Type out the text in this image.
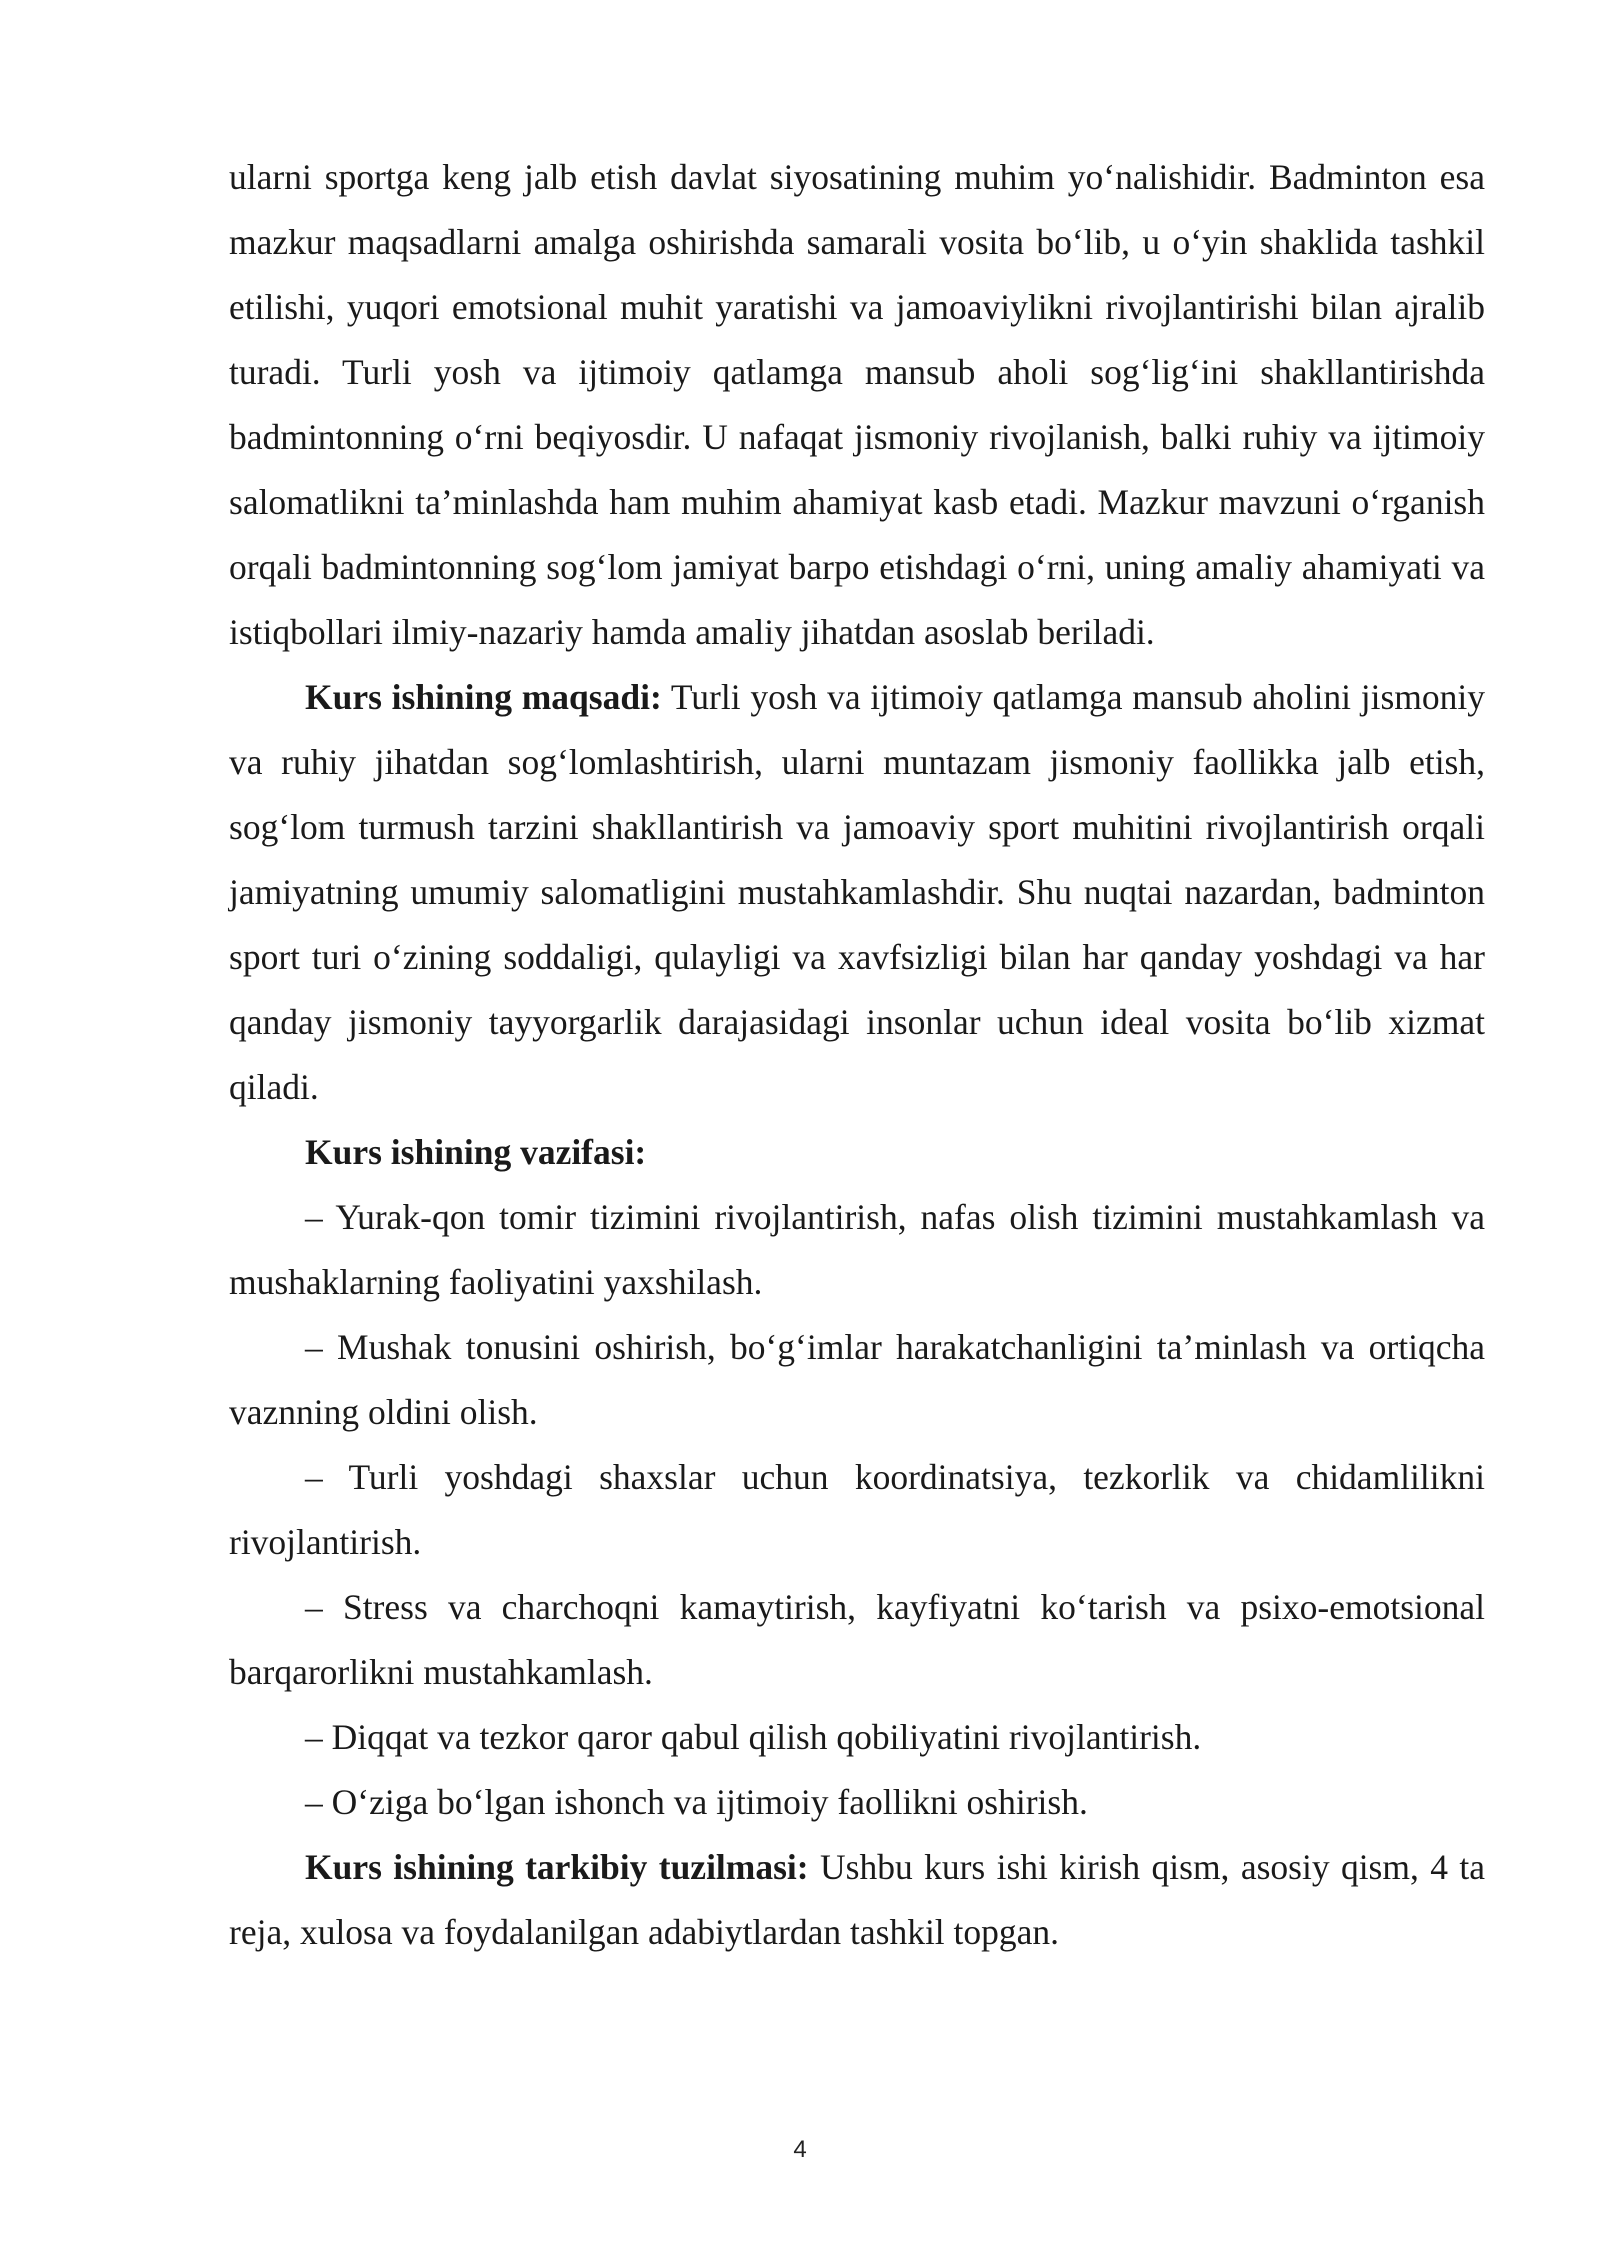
ularni sportga keng jalb etish davlat siyosatining muhim yo‘nalishidir. Badminton esa mazkur maqsadlarni amalga oshirishda samarali vosita bo‘lib, u o‘yin shaklida tashkil etilishi, yuqori emotsional muhit yaratishi va jamoaviylikni rivojlantirishi bilan ajralib turadi. Turli yosh va ijtimoiy qatlamga mansub aholi sog‘lig‘ini shakllantirishda badmintonning o‘rni beqiyosdir. U nafaqat jismoniy rivojlanish, balki ruhiy va ijtimoiy salomatlikni ta’minlashda ham muhim ahamiyat kasb etadi. Mazkur mavzuni o‘rganish orqali badmintonning sog‘lom jamiyat barpo etishdagi o‘rni, uning amaliy ahamiyati va istiqbollari ilmiy-nazariy hamda amaliy jihatdan asoslab beriladi.

Kurs ishining maqsadi: Turli yosh va ijtimoiy qatlamga mansub aholini jismoniy va ruhiy jihatdan sog‘lomlashtirish, ularni muntazam jismoniy faollikka jalb etish, sog‘lom turmush tarzini shakllantirish va jamoaviy sport muhitini rivojlantirish orqali jamiyatning umumiy salomatligini mustahkamlashdir. Shu nuqtai nazardan, badminton sport turi o‘zining soddaligi, qulayligi va xavfsizligi bilan har qanday yoshdagi va har qanday jismoniy tayyorgarlik darajasidagi insonlar uchun ideal vosita bo‘lib xizmat qiladi.

Kurs ishining vazifasi:

– Yurak-qon tomir tizimini rivojlantirish, nafas olish tizimini mustahkamlash va mushaklarning faoliyatini yaxshilash.

– Mushak tonusini oshirish, bo‘g‘imlar harakatchanligini ta’minlash va ortiqcha vaznning oldini olish.

– Turli yoshdagi shaxslar uchun koordinatsiya, tezkorlik va chidamlilikni rivojlantirish.

– Stress va charchoqni kamaytirish, kayfiyatni ko‘tarish va psixo-emotsional barqarorlikni mustahkamlash.

– Diqqat va tezkor qaror qabul qilish qobiliyatini rivojlantirish.

– O‘ziga bo‘lgan ishonch va ijtimoiy faollikni oshirish.

Kurs ishining tarkibiy tuzilmasi: Ushbu kurs ishi kirish qism, asosiy qism, 4 ta reja, xulosa va foydalanilgan adabiytlardan tashkil topgan.

4
